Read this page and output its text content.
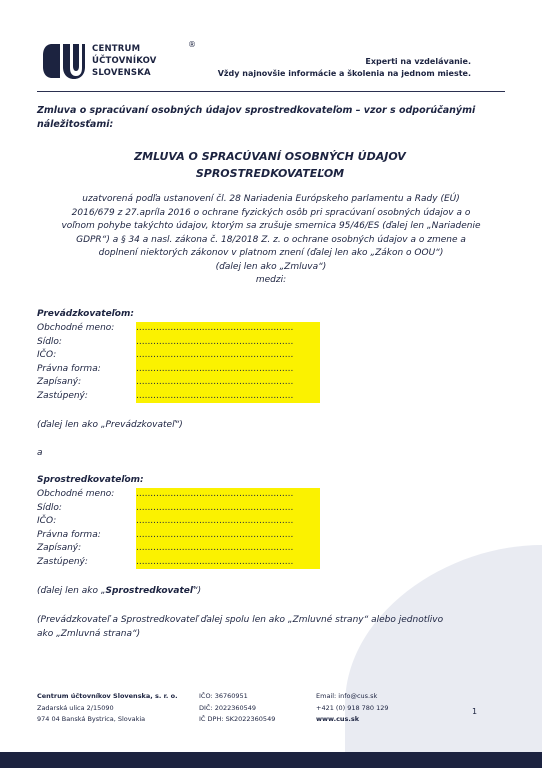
CENTRUM
ÚČTOVNÍKOV
SLOVENSKA
®
Experti na vzdelávanie.
Vždy najnovšie informácie a školenia na jednom mieste.
Zmluva o spracúvaní osobných údajov sprostredkovateľom – vzor s odporúčanými náležitosťami:
ZMLUVA O SPRACÚVANÍ OSOBNÝCH ÚDAJOV
SPROSTREDKOVATEĽOM
uzatvorená podľa ustanovení čl. 28 Nariadenia Európskeho parlamentu a Rady (EÚ)
2016/679 z 27.apríla 2016 o ochrane fyzických osôb pri spracúvaní osobných údajov a o
voľnom pohybe takýchto údajov, ktorým sa zrušuje smernica 95/46/ES (ďalej len „Nariadenie
GDPR“) a § 34 a nasl. zákona č. 18/2018 Z. z. o ochrane osobných údajov a o zmene a
doplnení niektorých zákonov v platnom znení (ďalej len ako „Zákon o OOU“)
(ďalej len ako „Zmluva“)
medzi:
Prevádzkovateľom:
Obchodné meno: .......................................................
Sídlo:	.......................................................
IČO:	.......................................................
Právna forma:	.......................................................
Zapísaný:	.......................................................
Zastúpený:	.......................................................
(ďalej len ako „Prevádzkovateľ“)
a
Sprostredkovateľom:
Obchodné meno: .......................................................
Sídlo:	.......................................................
IČO:	.......................................................
Právna forma:	.......................................................
Zapísaný:	.......................................................
Zastúpený:	.......................................................
(ďalej len ako „Sprostredkovateľ“)
(Prevádzkovateľ a Sprostredkovateľ ďalej spolu len ako „Zmluvné strany“ alebo jednotlivo
ako „Zmluvná strana“)
Centrum účtovníkov Slovenska, s. r. o.
Zadarská ulica 2/15090
974 04 Banská Bystrica, Slovakia
IČO: 36760951
DIČ: 2022360549
IČ DPH: SK2022360549
Email: info@cus.sk
+421 (0) 918 780 129
www.cus.sk
1
